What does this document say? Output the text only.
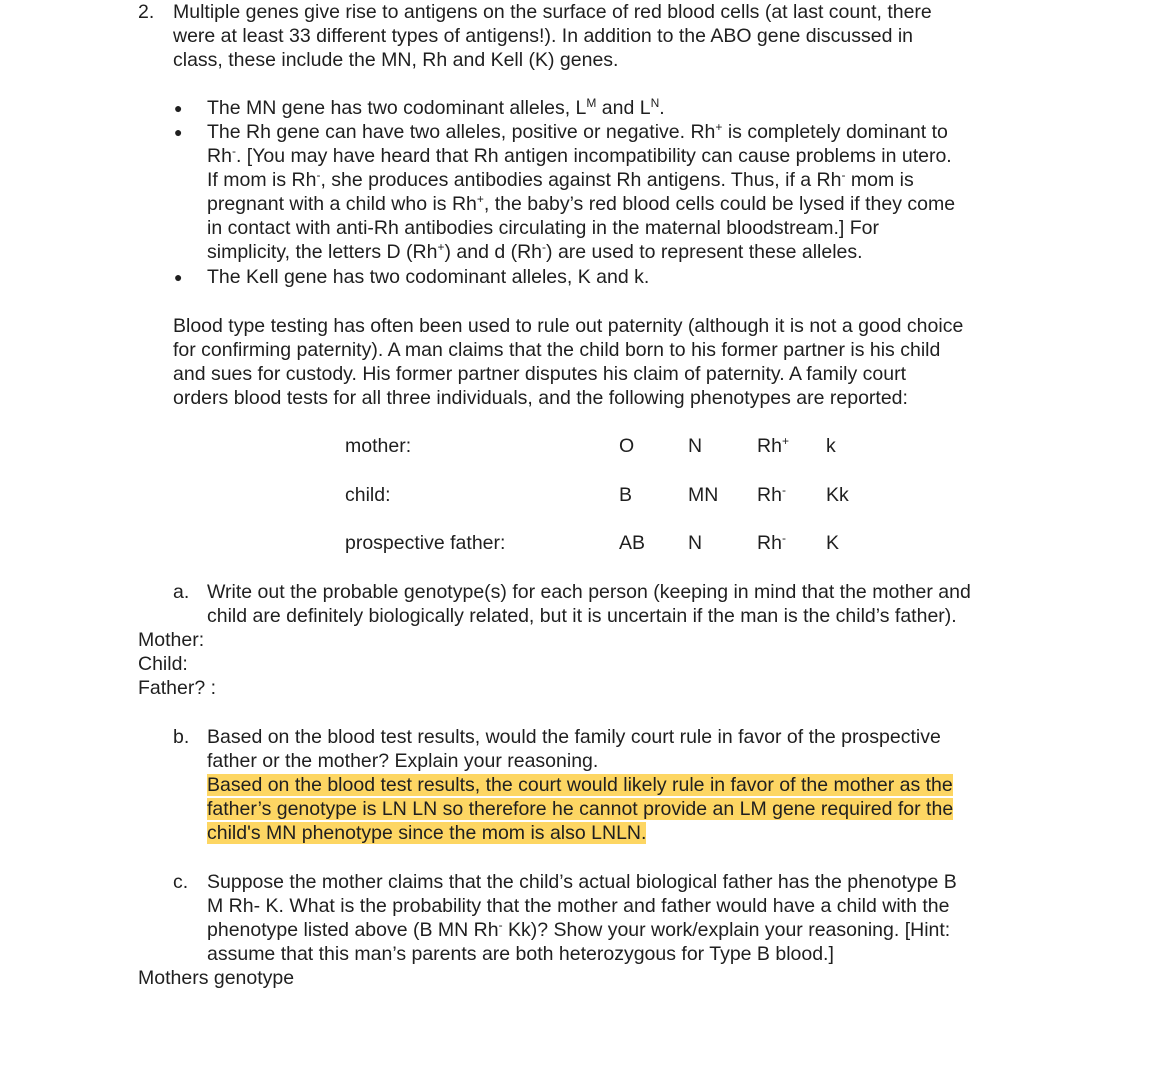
2. Multiple genes give rise to antigens on the surface of red blood cells (at last count, there

were at least 33 different types of antigens!). In addition to the ABO gene discussed in

class, these include the MN, Rh and Kell (K) genes.

● The MN gene has two codominant alleles, $L^M$ and $L^N$.

● The Rh gene can have two alleles, positive or negative. Rh+ is completely dominant to

Rh-. [You may have heard that Rh antigen incompatibility can cause problems in utero.

If mom is Rh-, she produces antibodies against Rh antigens. Thus, if a Rh- mom is

pregnant with a child who is Rh+, the baby’s red blood cells could be lysed if they come

in contact with anti-Rh antibodies circulating in the maternal bloodstream.] For

simplicity, the letters D (Rh+) and d (Rh-) are used to represent these alleles.

● The Kell gene has two codominant alleles, K and k.

Blood type testing has often been used to rule out paternity (although it is not a good choice

for confirming paternity). A man claims that the child born to his former partner is his child

and sues for custody. His former partner disputes his claim of paternity. A family court

orders blood tests for all three individuals, and the following phenotypes are reported:

mother:	O	N	Rh+ k
child:	B	MN Rh- Kk
prospective father:	AB N	Rh- K
a. Write out the probable genotype(s) for each person (keeping in mind that the mother and

child are definitely biologically related, but it is uncertain if the man is the child’s father).

Mother:

Child:

Father? :

b. Based on the blood test results, would the family court rule in favor of the prospective

father or the mother? Explain your reasoning.

Based on the blood test results, the court would likely rule in favor of the mother as the

father’s genotype is LN LN so therefore he cannot provide an LM gene required for the

child's MN phenotype since the mom is also LNLN.

c. Suppose the mother claims that the child’s actual biological father has the phenotype B

M Rh- K. What is the probability that the mother and father would have a child with the

phenotype listed above (B MN Rh- Kk)? Show your work/explain your reasoning. [Hint:

assume that this man’s parents are both heterozygous for Type B blood.]

Mothers genotype
